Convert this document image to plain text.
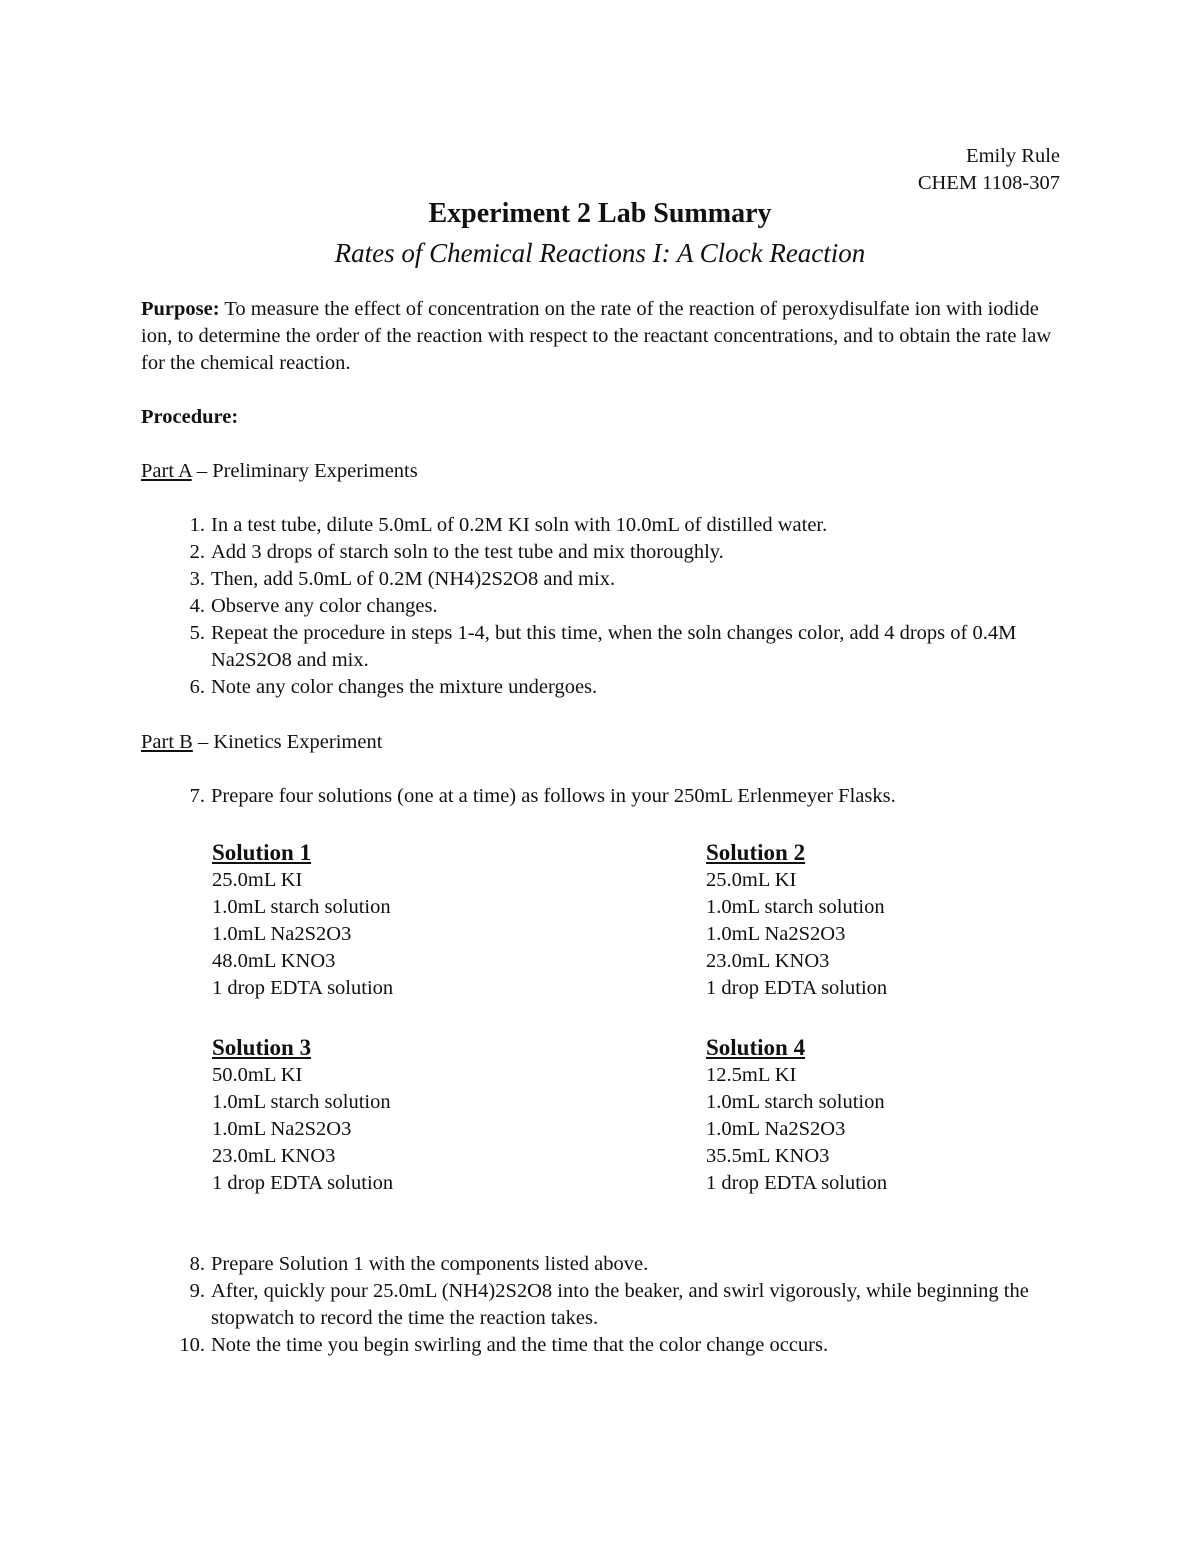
Emily Rule
CHEM 1108-307
Experiment 2 Lab Summary
Rates of Chemical Reactions I: A Clock Reaction
Purpose: To measure the effect of concentration on the rate of the reaction of peroxydisulfate ion with iodide ion, to determine the order of the reaction with respect to the reactant concentrations, and to obtain the rate law for the chemical reaction.
Procedure:
Part A – Preliminary Experiments
1. In a test tube, dilute 5.0mL of 0.2M KI soln with 10.0mL of distilled water.
2. Add 3 drops of starch soln to the test tube and mix thoroughly.
3. Then, add 5.0mL of 0.2M (NH4)2S2O8 and mix.
4. Observe any color changes.
5. Repeat the procedure in steps 1-4, but this time, when the soln changes color, add 4 drops of 0.4M Na2S2O8 and mix.
6. Note any color changes the mixture undergoes.
Part B – Kinetics Experiment
7. Prepare four solutions (one at a time) as follows in your 250mL Erlenmeyer Flasks.
Solution 1
25.0mL KI
1.0mL starch solution
1.0mL Na2S2O3
48.0mL KNO3
1 drop EDTA solution
Solution 2
25.0mL KI
1.0mL starch solution
1.0mL Na2S2O3
23.0mL KNO3
1 drop EDTA solution
Solution 3
50.0mL KI
1.0mL starch solution
1.0mL Na2S2O3
23.0mL KNO3
1 drop EDTA solution
Solution 4
12.5mL KI
1.0mL starch solution
1.0mL Na2S2O3
35.5mL KNO3
1 drop EDTA solution
8. Prepare Solution 1 with the components listed above.
9. After, quickly pour 25.0mL (NH4)2S2O8 into the beaker, and swirl vigorously, while beginning the stopwatch to record the time the reaction takes.
10. Note the time you begin swirling and the time that the color change occurs.
